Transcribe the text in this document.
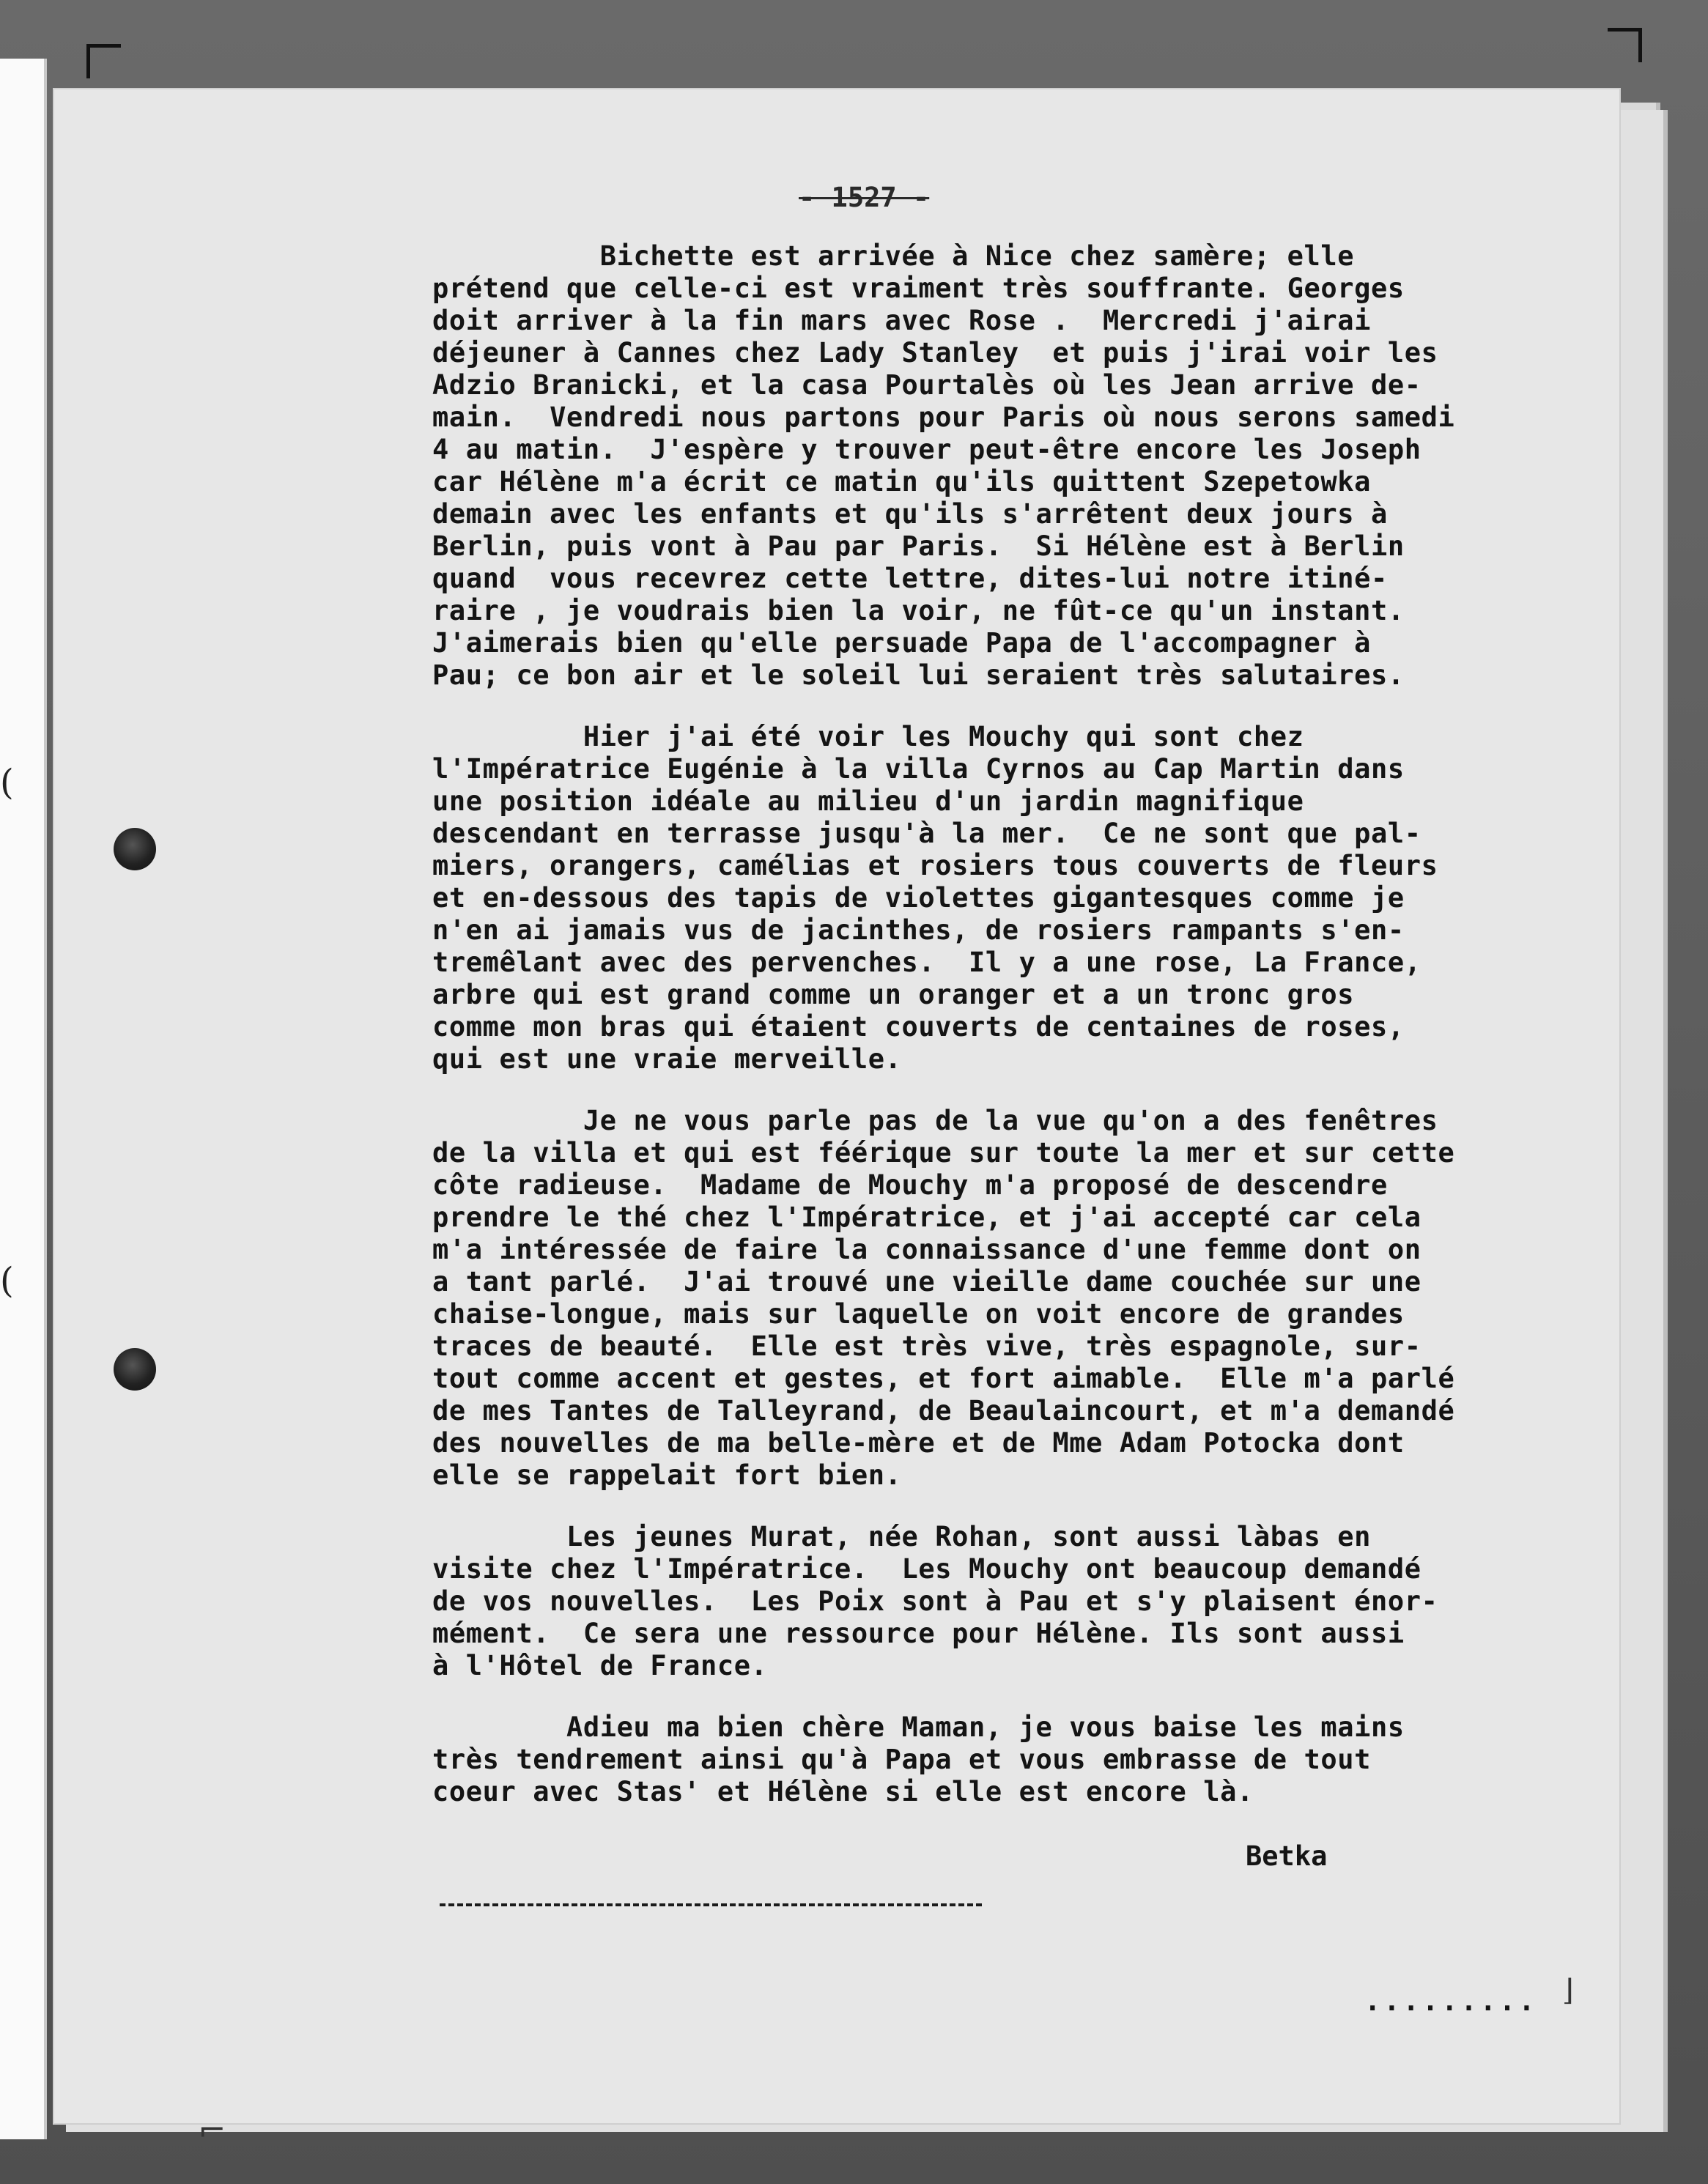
(
(
- 1527 -
Bichette est arrivée à Nice chez samère; elle
prétend que celle-ci est vraiment très souffrante. Georges
doit arriver à la fin mars avec Rose .  Mercredi j'airai
déjeuner à Cannes chez Lady Stanley  et puis j'irai voir les
Adzio Branicki, et la casa Pourtalès où les Jean arrive de-
main.  Vendredi nous partons pour Paris où nous serons samedi
4 au matin.  J'espère y trouver peut-être encore les Joseph
car Hélène m'a écrit ce matin qu'ils quittent Szepetowka
demain avec les enfants et qu'ils s'arrêtent deux jours à
Berlin, puis vont à Pau par Paris.  Si Hélène est à Berlin
quand  vous recevrez cette lettre, dites-lui notre itiné-
raire , je voudrais bien la voir, ne fût-ce qu'un instant.
J'aimerais bien qu'elle persuade Papa de l'accompagner à
Pau; ce bon air et le soleil lui seraient très salutaires.
Hier j'ai été voir les Mouchy qui sont chez
l'Impératrice Eugénie à la villa Cyrnos au Cap Martin dans
une position idéale au milieu d'un jardin magnifique
descendant en terrasse jusqu'à la mer.  Ce ne sont que pal-
miers, orangers, camélias et rosiers tous couverts de fleurs
et en-dessous des tapis de violettes gigantesques comme je
n'en ai jamais vus de jacinthes, de rosiers rampants s'en-
tremêlant avec des pervenches.  Il y a une rose, La France,
arbre qui est grand comme un oranger et a un tronc gros
comme mon bras qui étaient couverts de centaines de roses,
qui est une vraie merveille.
Je ne vous parle pas de la vue qu'on a des fenêtres
de la villa et qui est féérique sur toute la mer et sur cette
côte radieuse.  Madame de Mouchy m'a proposé de descendre
prendre le thé chez l'Impératrice, et j'ai accepté car cela
m'a intéressée de faire la connaissance d'une femme dont on
a tant parlé.  J'ai trouvé une vieille dame couchée sur une
chaise-longue, mais sur laquelle on voit encore de grandes
traces de beauté.  Elle est très vive, très espagnole, sur-
tout comme accent et gestes, et fort aimable.  Elle m'a parlé
de mes Tantes de Talleyrand, de Beaulaincourt, et m'a demandé
des nouvelles de ma belle-mère et de Mme Adam Potocka dont
elle se rappelait fort bien.
Les jeunes Murat, née Rohan, sont aussi làbas en
visite chez l'Impératrice.  Les Mouchy ont beaucoup demandé
de vos nouvelles.  Les Poix sont à Pau et s'y plaisent énor-
mément.  Ce sera une ressource pour Hélène. Ils sont aussi
à l'Hôtel de France.
Adieu ma bien chère Maman, je vous baise les mains
très tendrement ainsi qu'à Papa et vous embrasse de tout
coeur avec Stas' et Hélène si elle est encore là.
Betka
......... ⌋
⌐
